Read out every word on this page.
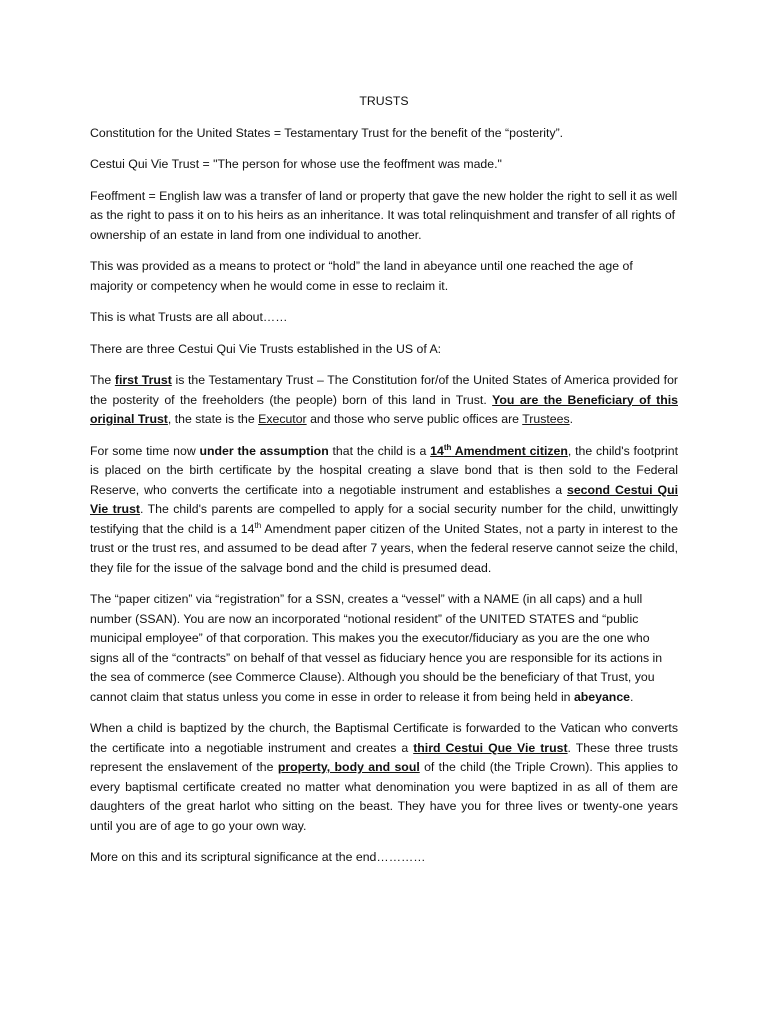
TRUSTS

Constitution for the United States = Testamentary Trust for the benefit of the “posterity”.

Cestui Qui Vie Trust = "The person for whose use the feoffment was made."

Feoffment = English law was a transfer of land or property that gave the new holder the right to sell it as well as the right to pass it on to his heirs as an inheritance. It was total relinquishment and transfer of all rights of ownership of an estate in land from one individual to another.

This was provided as a means to protect or “hold” the land in abeyance until one reached the age of majority or competency when he would come in esse to reclaim it.

This is what Trusts are all about……

There are three Cestui Qui Vie Trusts established in the US of A:

The first Trust is the Testamentary Trust – The Constitution for/of the United States of America provided for the posterity of the freeholders (the people) born of this land in Trust. You are the Beneficiary of this original Trust, the state is the Executor and those who serve public offices are Trustees.

For some time now under the assumption that the child is a 14th Amendment citizen, the child's footprint is placed on the birth certificate by the hospital creating a slave bond that is then sold to the Federal Reserve, who converts the certificate into a negotiable instrument and establishes a second Cestui Qui Vie trust. The child's parents are compelled to apply for a social security number for the child, unwittingly testifying that the child is a 14th Amendment paper citizen of the United States, not a party in interest to the trust or the trust res, and assumed to be dead after 7 years, when the federal reserve cannot seize the child, they file for the issue of the salvage bond and the child is presumed dead.

The “paper citizen” via “registration” for a SSN, creates a “vessel” with a NAME (in all caps) and a hull number (SSAN). You are now an incorporated “notional resident” of the UNITED STATES and “public municipal employee” of that corporation. This makes you the executor/fiduciary as you are the one who signs all of the “contracts” on behalf of that vessel as fiduciary hence you are responsible for its actions in the sea of commerce (see Commerce Clause). Although you should be the beneficiary of that Trust, you cannot claim that status unless you come in esse in order to release it from being held in abeyance.

When a child is baptized by the church, the Baptismal Certificate is forwarded to the Vatican who converts the certificate into a negotiable instrument and creates a third Cestui Que Vie trust. These three trusts represent the enslavement of the property, body and soul of the child (the Triple Crown). This applies to every baptismal certificate created no matter what denomination you were baptized in as all of them are daughters of the great harlot who sitting on the beast. They have you for three lives or twenty-one years until you are of age to go your own way.

More on this and its scriptural significance at the end…………
